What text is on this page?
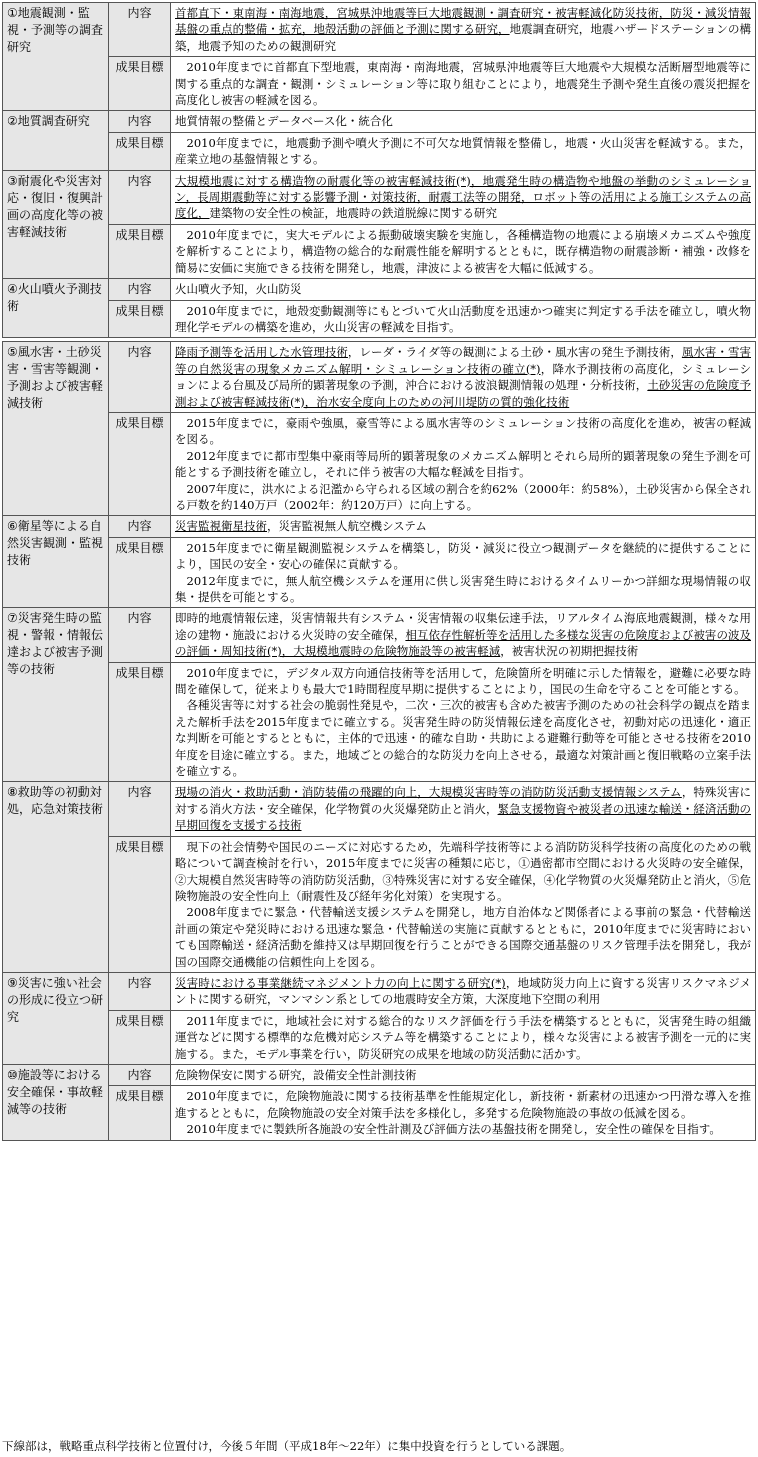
①地震観測・監視・予測等の調査研究	内容	首都直下・東南海・南海地震，宮城県沖地震等巨大地震観測・調査研究・被害軽減化防災技術，防災・減災情報基盤の重点的整備・拡充，地殻活動の評価と予測に関する研究，地震調査研究，地震ハザードステーションの構築，地震予知のための観測研究

	成果目標	2010年度までに首都直下型地震，東南海・南海地震，宮城県沖地震等巨大地震や大規模な活断層型地震等に関する重点的な調査・観測・シミュレーション等に取り組むことにより，地震発生予測や発生直後の震災把握を高度化し被害の軽減を図る。

②地質調査研究	内容	地質情報の整備とデータベース化・統合化

	成果目標	2010年度までに，地震動予測や噴火予測に不可欠な地質情報を整備し，地震・火山災害を軽減する。また，産業立地の基盤情報とする。

③耐震化や災害対応・復旧・復興計画の高度化等の被害軽減技術	内容	大規模地震に対する構造物の耐震化等の被害軽減技術(*)，地震発生時の構造物や地盤の挙動のシミュレーション，長周期震動等に対する影響予測・対策技術，耐震工法等の開発，ロボット等の活用による施工システムの高度化，建築物の安全性の検証，地震時の鉄道脱線に関する研究

	成果目標	2010年度までに，実大モデルによる振動破壊実験を実施し，各種構造物の地震による崩壊メカニズムや強度を解析することにより，構造物の総合的な耐震性能を解明するとともに，既存構造物の耐震診断・補強・改修を簡易に安価に実施できる技術を開発し，地震，津波による被害を大幅に低減する。

④火山噴火予測技術	内容	火山噴火予知，火山防災

	成果目標	2010年度までに，地殻変動観測等にもとづいて火山活動度を迅速かつ確実に判定する手法を確立し，噴火物理化学モデルの構築を進め，火山災害の軽減を目指す。

⑤風水害・土砂災害・雪害等観測・予測および被害軽減技術	内容	降雨予測等を活用した水管理技術，レーダ・ライダ等の観測による土砂・風水害の発生予測技術，風水害・雪害等の自然災害の現象メカニズム解明・シミュレーション技術の確立(*)，降水予測技術の高度化，シミュレーションによる台風及び局所的顕著現象の予測，沖合における波浪観測情報の処理・分析技術，土砂災害の危険度予測および被害軽減技術(*)，治水安全度向上のための河川堤防の質的強化技術

	成果目標	2015年度までに，豪雨や強風，豪雪等による風水害等のシミュレーション技術の高度化を進め，被害の軽減を図る。

2012年度までに都市型集中豪雨等局所的顕著現象のメカニズム解明とそれら局所的顕著現象の発生予測を可能とする予測技術を確立し，それに伴う被害の大幅な軽減を目指す。

2007年度に，洪水による氾濫から守られる区域の割合を約62%（2000年：約58%），土砂災害から保全される戸数を約140万戸（2002年：約120万戸）に向上する。

⑥衛星等による自然災害観測・監視技術	内容	災害監視衛星技術，災害監視無人航空機システム

	成果目標	2015年度までに衛星観測監視システムを構築し，防災・減災に役立つ観測データを継続的に提供することにより，国民の安全・安心の確保に貢献する。

2012年度までに，無人航空機システムを運用に供し災害発生時におけるタイムリーかつ詳細な現場情報の収集・提供を可能とする。

⑦災害発生時の監視・警報・情報伝達および被害予測等の技術	内容	即時的地震情報伝達，災害情報共有システム・災害情報の収集伝達手法，リアルタイム海底地震観測，様々な用途の建物・施設における火災時の安全確保，相互依存性解析等を活用した多様な災害の危険度および被害の波及の評価・周知技術(*)，大規模地震時の危険物施設等の被害軽減，被害状況の初期把握技術

	成果目標	2010年度までに，デジタル双方向通信技術等を活用して，危険箇所を明確に示した情報を，避難に必要な時間を確保して，従来よりも最大で1時間程度早期に提供することにより，国民の生命を守ることを可能とする。

各種災害等に対する社会の脆弱性発見や，二次・三次的被害も含めた被害予測のための社会科学の観点を踏まえた解析手法を2015年度までに確立する。災害発生時の防災情報伝達を高度化させ，初動対応の迅速化・適正な判断を可能とするとともに，主体的で迅速・的確な自助・共助による避難行動等を可能とさせる技術を2010年度を目途に確立する。また，地域ごとの総合的な防災力を向上させる，最適な対策計画と復旧戦略の立案手法を確立する。

⑧救助等の初動対処，応急対策技術	内容	現場の消火・救助活動・消防装備の飛躍的向上，大規模災害時等の消防防災活動支援情報システム，特殊災害に対する消火方法・安全確保，化学物質の火災爆発防止と消火，緊急支援物資や被災者の迅速な輸送・経済活動の早期回復を支援する技術

	成果目標	現下の社会情勢や国民のニーズに対応するため，先端科学技術等による消防防災科学技術の高度化のための戦略について調査検討を行い，2015年度までに災害の種類に応じ，①過密都市空間における火災時の安全確保，②大規模自然災害時等の消防防災活動，③特殊災害に対する安全確保，④化学物質の火災爆発防止と消火，⑤危険物施設の安全性向上（耐震性及び経年劣化対策）を実現する。

2008年度までに緊急・代替輸送支援システムを開発し，地方自治体など関係者による事前の緊急・代替輸送計画の策定や発災時における迅速な緊急・代替輸送の実施に貢献するとともに，2010年度までに災害時においても国際輸送・経済活動を維持又は早期回復を行うことができる国際交通基盤のリスク管理手法を開発し，我が国の国際交通機能の信頼性向上を図る。

⑨災害に強い社会の形成に役立つ研究	内容	災害時における事業継続マネジメント力の向上に関する研究(*)，地域防災力向上に資する災害リスクマネジメントに関する研究，マンマシン系としての地震時安全方策，大深度地下空間の利用

	成果目標	2011年度までに，地域社会に対する総合的なリスク評価を行う手法を構築するとともに，災害発生時の組織運営などに関する標準的な危機対応システム等を構築することにより，様々な災害による被害予測を一元的に実施する。また，モデル事業を行い，防災研究の成果を地域の防災活動に活かす。

⑩施設等における安全確保・事故軽減等の技術	内容	危険物保安に関する研究，設備安全性計測技術

	成果目標	2010年度までに，危険物施設に関する技術基準を性能規定化し，新技術・新素材の迅速かつ円滑な導入を推進するとともに，危険物施設の安全対策手法を多様化し，多発する危険物施設の事故の低減を図る。

2010年度までに製鉄所各施設の安全性計測及び評価方法の基盤技術を開発し，安全性の確保を目指す。

下線部は，戦略重点科学技術と位置付け，今後５年間（平成18年～22年）に集中投資を行うとしている課題。
